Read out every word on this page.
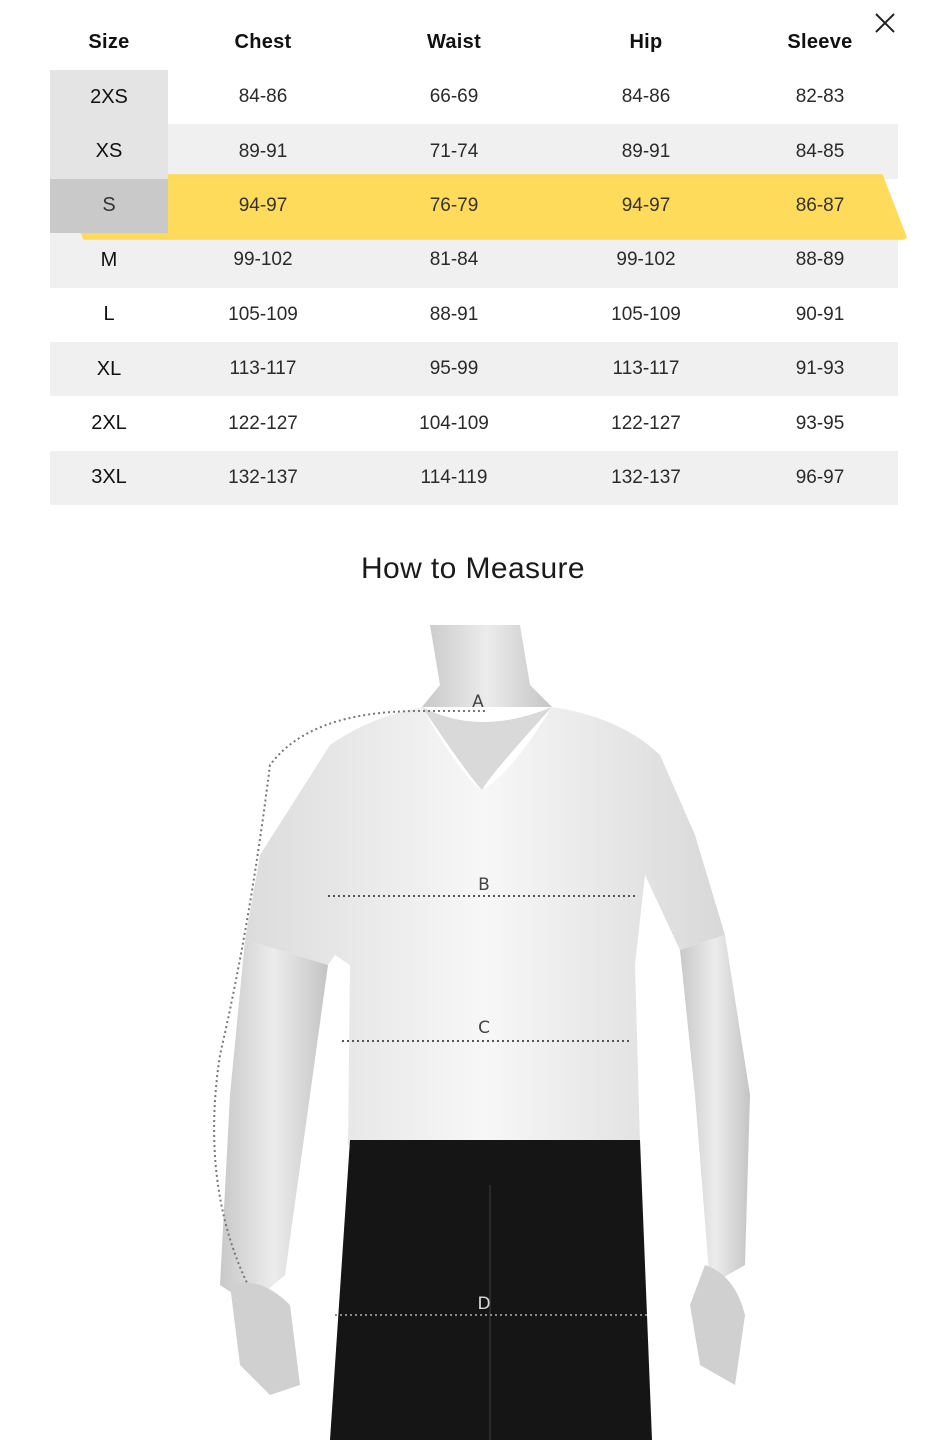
Size	Chest	Waist	Hip	Sleeve
2XS	84-86	66-69	84-86	82-83
XS	89-91	71-74	89-91	84-85
S	94-97	76-79	94-97	86-87
M	99-102	81-84	99-102	88-89
L	105-109	88-91	105-109	90-91
XL	113-117	95-99	113-117	91-93
2XL	122-127	104-109	122-127	93-95
3XL	132-137	114-119	132-137	96-97
How to Measure
A
B
C
D
